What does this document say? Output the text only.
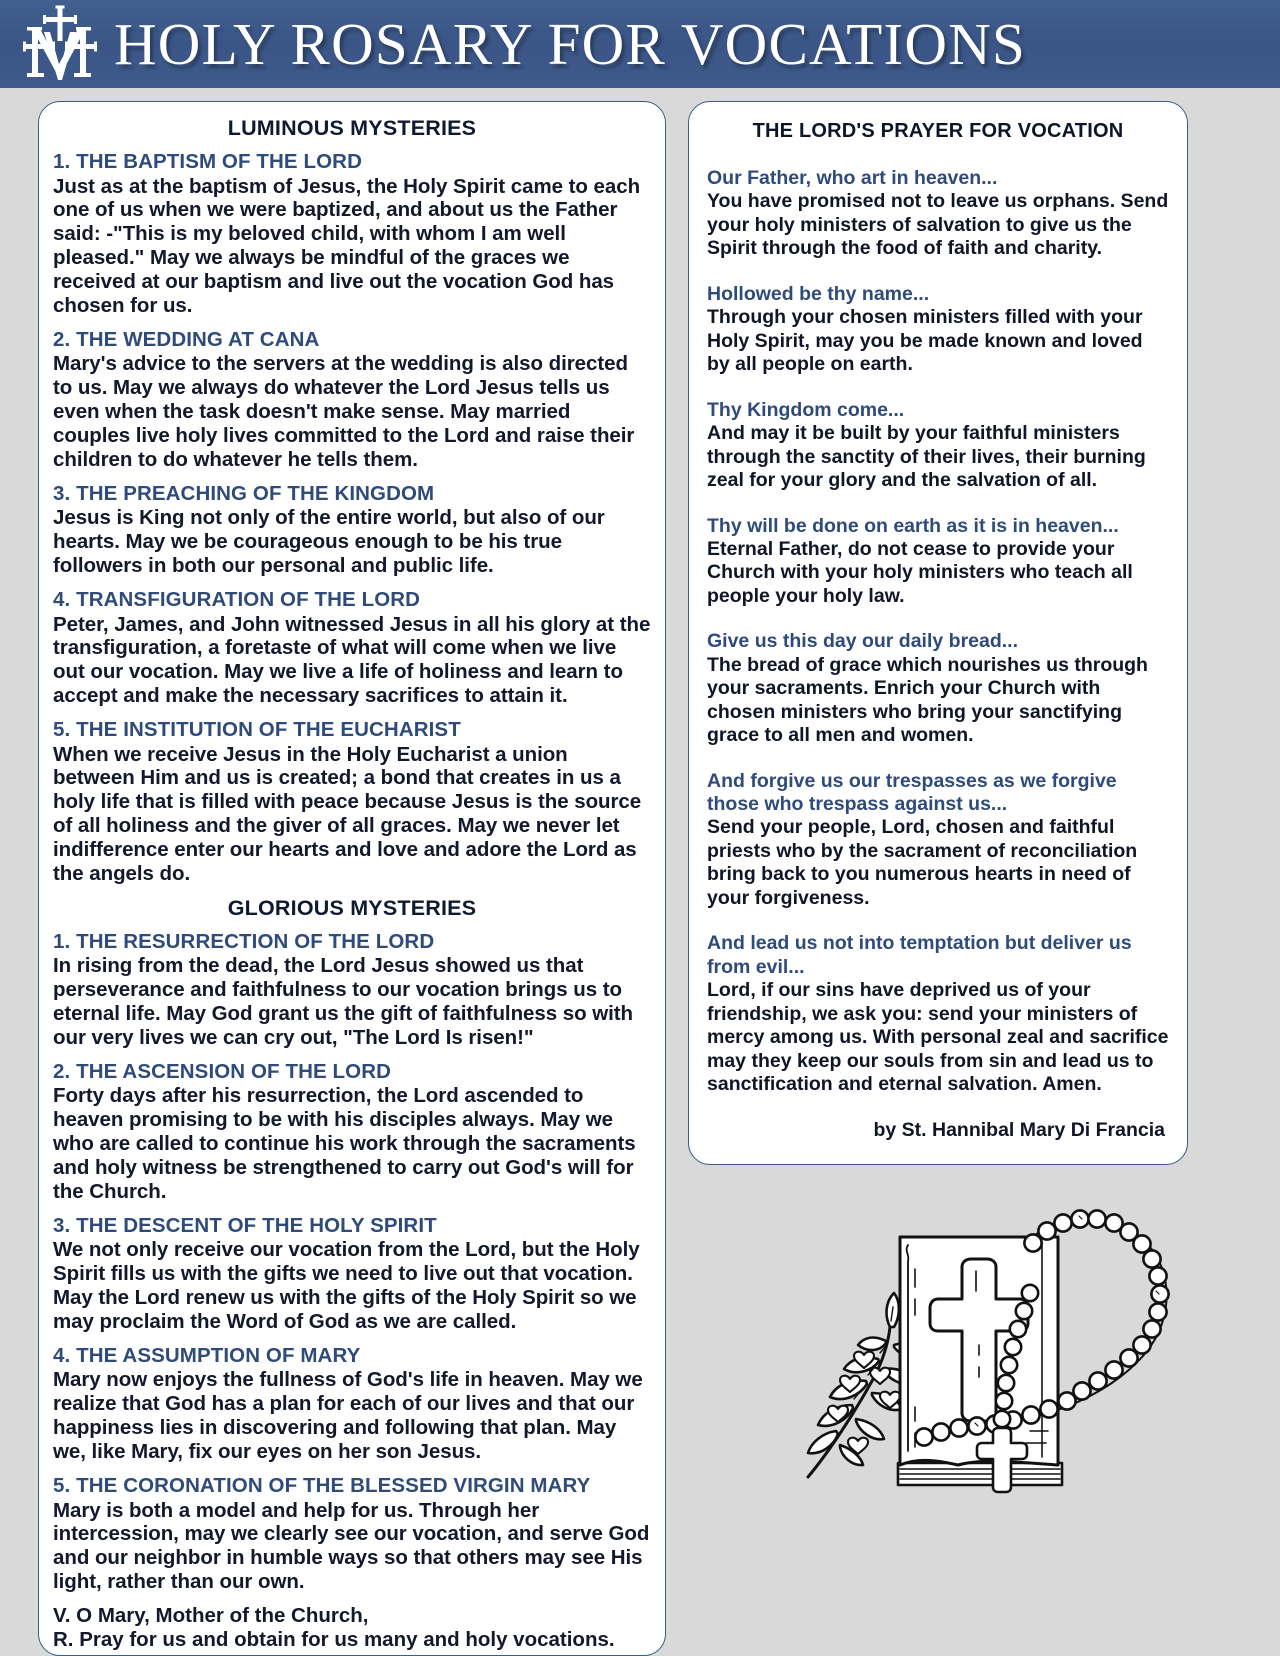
HOLY ROSARY FOR VOCATIONS
LUMINOUS MYSTERIES
1. THE BAPTISM OF THE LORD
Just as at the baptism of Jesus, the Holy Spirit came to each one of us when we were baptized, and about us the Father said: -"This is my beloved child, with whom I am well pleased." May we always be mindful of the graces we received at our baptism and live out the vocation God has chosen for us.
2. THE WEDDING AT CANA
Mary's advice to the servers at the wedding is also directed to us. May we always do whatever the Lord Jesus tells us even when the task doesn't make sense. May married couples live holy lives committed to the Lord and raise their children to do whatever he tells them.
3. THE PREACHING OF THE KINGDOM
Jesus is King not only of the entire world, but also of our hearts. May we be courageous enough to be his true followers in both our personal and public life.
4. TRANSFIGURATION OF THE LORD
Peter, James, and John witnessed Jesus in all his glory at the transfiguration, a foretaste of what will come when we live out our vocation. May we live a life of holiness and learn to accept and make the necessary sacrifices to attain it.
5. THE INSTITUTION OF THE EUCHARIST
When we receive Jesus in the Holy Eucharist a union between Him and us is created; a bond that creates in us a holy life that is filled with peace because Jesus is the source of all holiness and the giver of all graces. May we never let indifference enter our hearts and love and adore the Lord as the angels do.
GLORIOUS MYSTERIES
1. THE RESURRECTION OF THE LORD
In rising from the dead, the Lord Jesus showed us that perseverance and faithfulness to our vocation brings us to eternal life. May God grant us the gift of faithfulness so with our very lives we can cry out, "The Lord Is risen!"
2. THE ASCENSION OF THE LORD
Forty days after his resurrection, the Lord ascended to heaven promising to be with his disciples always. May we who are called to continue his work through the sacraments and holy witness be strengthened to carry out God's will for the Church.
3. THE DESCENT OF THE HOLY SPIRIT
We not only receive our vocation from the Lord, but the Holy Spirit fills us with the gifts we need to live out that vocation. May the Lord renew us with the gifts of the Holy Spirit so we may proclaim the Word of God as we are called.
4. THE ASSUMPTION OF MARY
Mary now enjoys the fullness of God's life in heaven. May we realize that God has a plan for each of our lives and that our happiness lies in discovering and following that plan. May we, like Mary, fix our eyes on her son Jesus.
5. THE CORONATION OF THE BLESSED VIRGIN MARY
Mary is both a model and help for us. Through her intercession, may we clearly see our vocation, and serve God and our neighbor in humble ways so that others may see His light, rather than our own.
V. O Mary, Mother of the Church,
R. Pray for us and obtain for us many and holy vocations.
THE LORD'S PRAYER FOR VOCATION
Our Father, who art in heaven...
You have promised not to leave us orphans. Send your holy ministers of salvation to give us the Spirit through the food of faith and charity.
Hollowed be thy name...
Through your chosen ministers filled with your Holy Spirit, may you be made known and loved by all people on earth.
Thy Kingdom come...
And may it be built by your faithful ministers through the sanctity of their lives, their burning zeal for your glory and the salvation of all.
Thy will be done on earth as it is in heaven...
Eternal Father, do not cease to provide your Church with your holy ministers who teach all people your holy law.
Give us this day our daily bread...
The bread of grace which nourishes us through your sacraments. Enrich your Church with chosen ministers who bring your sanctifying grace to all men and women.
And forgive us our trespasses as we forgive those who trespass against us...
Send your people, Lord, chosen and faithful priests who by the sacrament of reconciliation bring back to you numerous hearts in need of your forgiveness.
And lead us not into temptation but deliver us from evil...
Lord, if our sins have deprived us of your friendship, we ask you: send your ministers of mercy among us. With personal zeal and sacrifice may they keep our souls from sin and lead us to sanctification and eternal salvation. Amen.
by St. Hannibal Mary Di Francia
